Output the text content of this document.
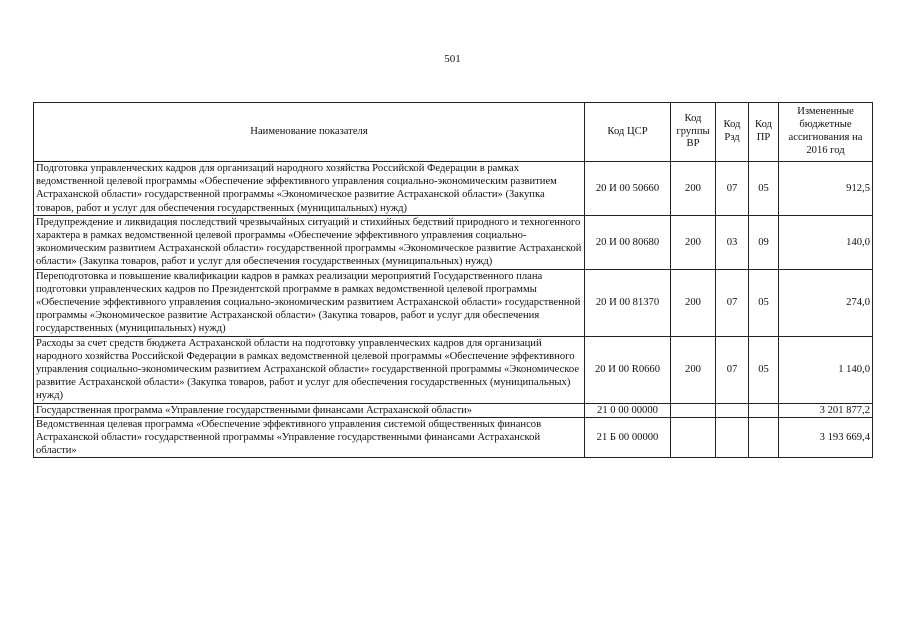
501
Наименование показателя	Код ЦСР	Код группы ВР	Код Рзд	Код ПР	Измененные бюджетные ассигнования на 2016 год
Подготовка управленческих кадров для организаций народного хозяйства Российской Федерации в рамках ведомственной целевой программы «Обеспечение эффективного управления социально-экономическим развитием Астраханской области» государственной программы «Экономическое развитие Астраханской области» (Закупка товаров, работ и услуг для обеспечения государственных (муниципальных) нужд)	20 И 00 50660	200	07	05	912,5
Предупреждение и ликвидация последствий чрезвычайных ситуаций и стихийных бедствий природного и техногенного характера в рамках ведомственной целевой программы «Обеспечение эффективного управления социально-экономическим развитием Астраханской области» государственной программы «Экономическое развитие Астраханской области» (Закупка товаров, работ и услуг для обеспечения государственных (муниципальных) нужд)	20 И 00 80680	200	03	09	140,0
Переподготовка и повышение квалификации кадров в рамках реализации мероприятий Государственного плана подготовки управленческих кадров по Президентской программе в рамках ведомственной целевой программы «Обеспечение эффективного управления социально-экономическим развитием Астраханской области» государственной программы «Экономическое развитие Астраханской области» (Закупка товаров, работ и услуг для обеспечения государственных (муниципальных) нужд)	20 И 00 81370	200	07	05	274,0
Расходы за счет средств бюджета Астраханской области на подготовку управленческих кадров для организаций народного хозяйства Российской Федерации в рамках ведомственной целевой программы «Обеспечение эффективного управления социально-экономическим развитием Астраханской области» государственной программы «Экономическое развитие Астраханской области» (Закупка товаров, работ и услуг для обеспечения государственных (муниципальных) нужд)	20 И 00 R0660	200	07	05	1 140,0
Государственная программа «Управление государственными финансами Астраханской области»	21 0 00 00000				3 201 877,2
Ведомственная целевая программа «Обеспечение эффективного управления системой общественных финансов Астраханской области» государственной программы «Управление государственными финансами Астраханской области»	21 Б 00 00000				3 193 669,4
